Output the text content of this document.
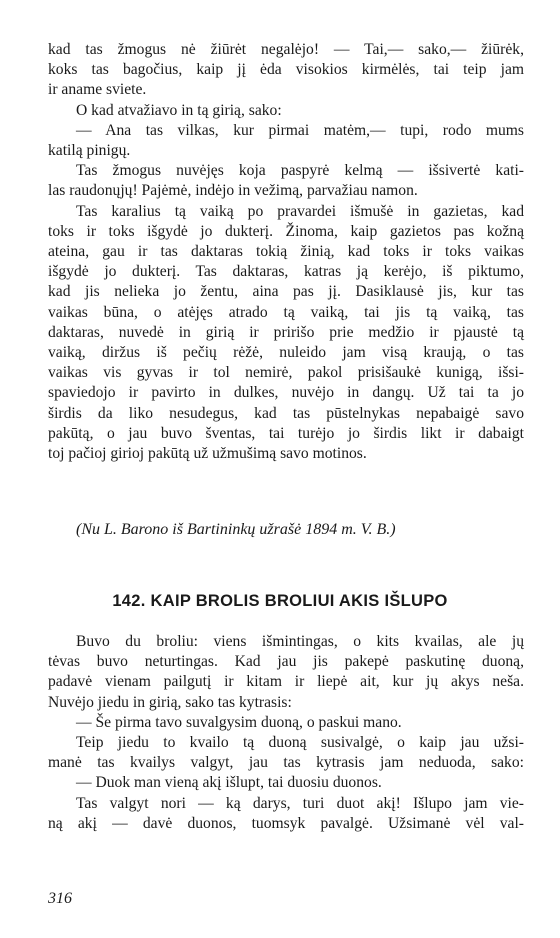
kad tas žmogus nė žiūrėt negalėjo! — Tai,— sako,— žiūrėk,
koks tas bagočius, kaip jį ėda visokios kirmėlės, tai teip jam
ir aname sviete.

O kad atvažiavo in tą girią, sako:

— Ana tas vilkas, kur pirmai matėm,— tupi, rodo mums
katilą pinigų.

Tas žmogus nuvėjęs koja paspyrė kelmą — išsivertė kati-
las raudonųjų! Pajėmė, indėjo in vežimą, parvažiau namon.

Tas karalius tą vaiką po pravardei išmušė in gazietas, kad
toks ir toks išgydė jo dukterį. Žinoma, kaip gazietos pas kožną
ateina, gau ir tas daktaras tokią žinią, kad toks ir toks vaikas
išgydė jo dukterį. Tas daktaras, katras ją kerėjo, iš piktumo,
kad jis nelieka jo žentu, aina pas jį. Dasiklausė jis, kur tas
vaikas būna, o atėjęs atrado tą vaiką, tai jis tą vaiką, tas
daktaras, nuvedė in girią ir pririšo prie medžio ir pjaustė tą
vaiką, diržus iš pečių rėžė, nuleido jam visą kraują, o tas
vaikas vis gyvas ir tol nemirė, pakol prisišaukė kunigą, išsi-
spaviedojo ir pavirto in dulkes, nuvėjo in dangų. Už tai ta jo
širdis da liko nesudegus, kad tas pūstelnykas nepabaigė savo
pakūtą, o jau buvo šventas, tai turėjo jo širdis likt ir dabaigt
toj pačioj girioj pakūtą už užmušimą savo motinos.

(Nu L. Barono iš Bartininkų užrašė 1894 m. V. B.)

142. KAIP BROLIS BROLIUI AKIS IŠLUPO

Buvo du broliu: viens išmintingas, o kits kvailas, ale jų
tėvas buvo neturtingas. Kad jau jis pakepė paskutinę duoną,
padavė vienam pailgutį ir kitam ir liepė ait, kur jų akys neša.
Nuvėjo jiedu in girią, sako tas kytrasis:

— Še pirma tavo suvalgysim duoną, o paskui mano.

Teip jiedu to kvailo tą duoną susivalgė, o kaip jau užsi-
manė tas kvailys valgyt, jau tas kytrasis jam neduoda, sako:

— Duok man vieną akį išlupt, tai duosiu duonos.

Tas valgyt nori — ką darys, turi duot akį! Išlupo jam vie-
ną akį — davė duonos, tuomsyk pavalgė. Užsimanė vėl val-

316
